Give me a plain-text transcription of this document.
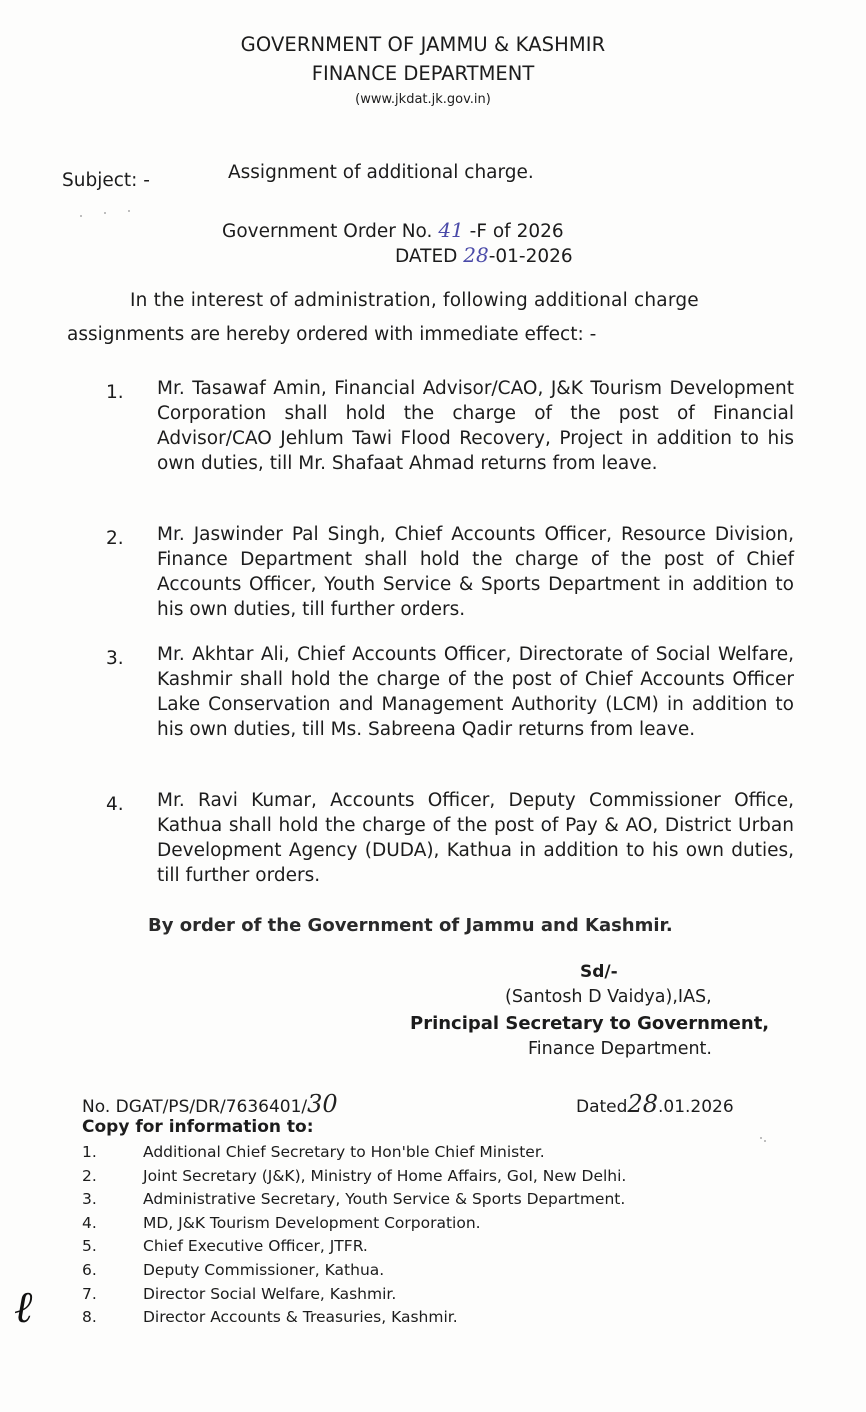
GOVERNMENT OF JAMMU & KASHMIR
FINANCE DEPARTMENT
(www.jkdat.jk.gov.in)
Subject: -	Assignment of additional charge.
Government Order No. 41 -F of 2026
DATED 28-01-2026
In the interest of administration, following additional charge
assignments are hereby ordered with immediate effect: -
1. Mr. Tasawaf Amin, Financial Advisor/CAO, J&K Tourism Development Corporation shall hold the charge of the post of Financial Advisor/CAO Jehlum Tawi Flood Recovery, Project in addition to his own duties, till Mr. Shafaat Ahmad returns from leave.
2. Mr. Jaswinder Pal Singh, Chief Accounts Officer, Resource Division, Finance Department shall hold the charge of the post of Chief Accounts Officer, Youth Service & Sports Department in addition to his own duties, till further orders.
3. Mr. Akhtar Ali, Chief Accounts Officer, Directorate of Social Welfare, Kashmir shall hold the charge of the post of Chief Accounts Officer Lake Conservation and Management Authority (LCM) in addition to his own duties, till Ms. Sabreena Qadir returns from leave.
4. Mr. Ravi Kumar, Accounts Officer, Deputy Commissioner Office, Kathua shall hold the charge of the post of Pay & AO, District Urban Development Agency (DUDA), Kathua in addition to his own duties, till further orders.
By order of the Government of Jammu and Kashmir.
Sd/-
(Santosh D Vaidya),IAS,
Principal Secretary to Government,
Finance Department.
No. DGAT/PS/DR/7636401/30	Dated28.01.2026
Copy for information to:
1.	Additional Chief Secretary to Hon'ble Chief Minister.
2.	Joint Secretary (J&K), Ministry of Home Affairs, GoI, New Delhi.
3.	Administrative Secretary, Youth Service & Sports Department.
4.	MD, J&K Tourism Development Corporation.
5.	Chief Executive Officer, JTFR.
6.	Deputy Commissioner, Kathua.
7.	Director Social Welfare, Kashmir.
8.	Director Accounts & Treasuries, Kashmir.
ℓ
